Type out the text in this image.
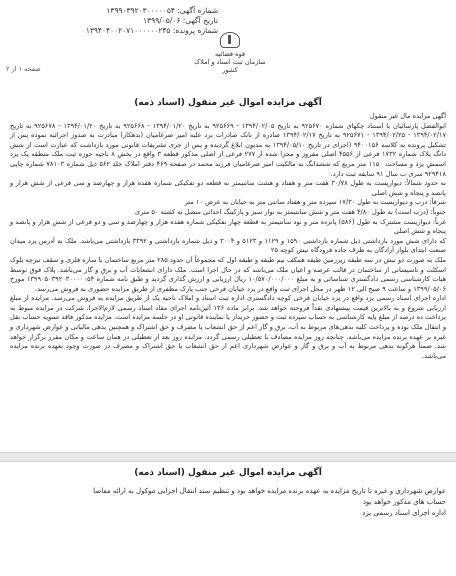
شماره آگهی: ۱۳۹۹۰۳۹۲۰۳۰۰۰۰۰۵۴
تاریخ آگهی: ۱۳۹۹/۰۵/۰۶
شماره پرونده: ۱۳۹۴۰۴۰۰۲۰۷۱۰۰۰۰۰۰۲۴۵
قوه قضائیه
سازمان ثبت اسناد و املاک کشور
صفحه ۱ از ۲
آگهی مزایده اموال غیر منقول (اسناد ذمه)

آگهی مزایده مال غیر منقول

ابوالفضل پارسائیان با استناد چکهای شماره ۹۲۵۶۷۰ به تاریخ ۱۳۹۴/۰۲/۰۵ - ۹۲۵۶۶۹ به تاریخ ۱۳۹۴/۰۱/۲۰ - ۹۲۵۶۶۸ به تاریخ ۱۳۹۴/۰۱/۲۰ - ۹۲۵۶۷۸ به تاریخ ۱۳۹۴/۰۲/۱۷ - ۱۳۹۴/۰۲/۲۵ - ۹۲۵۶۷۱ به تاریخ ۱۳۹۴/۰۲/۱۷ صادره از بانک صادرات بزد علیه امیر ضرغامیان (بدهکار) مبادرت به صدور اجرائیه نموده پس از تشکیل پرونده به کلاسه ۹۴۰۰۱۵۶ (اجرای در تاریخ ۱۳۹۴/۰۵/۱۰ به مدیون ابلاغ گردیده و پس از جری تشریفات قانونی مورد بازداشت که عبارت است از شش دانگ پلاک شماره ۱۷۳۲ فرعی از ۴۵۵۶ اصلی مفروز و مجزا شده از ۲۷۷ فرعی از اصلی مذکور قطعه ۳ واقع در بخش ۸ ناحیه حوزه ثبت ملک منطقه یک یزد اسمش یزد و مساحت ۱۱۵۰ متر مربع که ششدانگ به مالکیت امیر ضرغامیان فرزند محمد در صفحه ۴۶۹ دفتر املاک جلد ۵۶۲ ذیل شماره ۷۸۱۰۳ شماره چاپی ۹۲۹۴۱۸ سری ب سال ۹۱ سابقه ثبت دارد.

به حدود شمالاً: دیواریست به طول ۳۰/۷۸ هفت متر و هفتاد و هشت سانتیمتر به قطعه دو تفکیکی شماره هفده هزار و چهارصد و سی فرعی از شش هزار و پانصد و پنجاه و شش اصلی

شرقاً: درب و دیواریست به طول ۱۷/۳۰ سیزده متر و هفتاد سانتی متر به خیابان به عرض ۱۰ متر

جنوباً: (درب است) به طول ۴/۸۰ هفت متر و شش سانتیمتر به نوار سبز و پارکینگ احداثی متصل به کشته ۵۰ متری

غرباً: دیواریست مشترک به طول (۵۸۶) پانزده متر و نود سانتیمتر به قطعه چهار تفکیکی شماره هفده هزار و چهارصد و سی و دو فرعی از شش هزار و پانصد و پنجاه و شش اصلی

که دارای شش مورد بازداشتی ذیل شماره بازداشتی ۱۵۹۰ و ۱۱۲۹ و ۵۱۲۳ و ۳۰۰۴ و ذیل شماره بازداشتی و ۳۳۹۲ بازداشتی می‌باشد. ملک به آدرس یزد میدان صنعت ابتدای بلوار آزادگان به طرف جاده فرودگاه نبش کوچه ۲۵

ملک به صورت دو نبش در سه طبقه زیرزمین طبقه همکف نیم طبقه و طبقه اول که مجموعاً آن حدود ۲۸۵ متر مربع ساختمان با سازه فلزی و سقف تیرچه بلوک اسکلت و تاسیساتی از ساختمان در قالب عرصه و اعیان ملک می‌باشد که در حال اجرا است. ملک دارای انشعابات آب و برق و گاز می‌باشد. پلاک فوق توسط هیات کارشناسی رسمی دادگستری شناسائی و به مبلغ ۱۰/۵۷۰/۰۰۰/۰۰۰ ریال ارزیابی و ارزش گذاری گردید و طبق نامه شماره ۱۳۹۹۰۵۰۳۹۲۰۳۰۰۰۰۰۵۴ مورخ ۱۳۹۹/۰۵/۰۶ و ساعت ۹ صبح الی ۱۲ ظهر در محل اجرای ثبت واقع در یزد خیابان فرخی جنب پارک مظفری از طریق مزایده حضوری به فروش می‌رسد.

اداره اجرای اسناد رسمی یزد واقع در یزد خیابان فرخی کوچه دادگستری اداره ثبت اسناد و املاک ناحیه یک از طریق مزایده به فروش می‌رسد. مزایده از مبلغ ارزیابی شروع و به بالاترین قیمت پیشنهادی نقداً فروخته خواهد شد. برابر ماده ۱۳۶ آئین‌نامه اجرای مفاد اسناد رسمی لازم‌الاجرا، شرکت در مزایده منوط به پرداخت ده درصد از مبلغ پایه کارشناسی به حساب سپرده ثبت و حضور خریدار یا نماینده قانونی او در جلسه مزایده است. مزایده مذکور فاقد تسویه حساب نقل و انتقال ملک بوده و پرداخت کلیه بدهی‌های مربوط به آب، برق و گاز اعم از حق انشعاب یا مصرف و حق اشتراک و همچنین بدهی مالیاتی و عوارض شهرداری و غیره بر عهده برنده مزایده می‌باشد. چنانچه روز مزایده مصادف با تعطیلی رسمی گردد، مزایده روز بعد از تعطیلی در همان ساعت و مکان مقرر برگزار خواهد شد. ضمناً هرگونه بدهی مربوط به آب و برق و گاز و عوارض شهرداری اعم از حق انشعاب یا حق اشتراک و مصرف در صورت وجود بعهده برنده مزایده می‌باشد.

آگهی مزایده اموال غیر منقول (اسناد ذمه)

عوارض شهرداری و غیره تا تاریخ مزایده به عهده برنده مزایده خواهد بود و تنظیم سند انتقال اجرایی موکول به ارائه مفاصا

حساب های مذکور خواهد بود

اداره اجرای اسناد رسمی یزد
